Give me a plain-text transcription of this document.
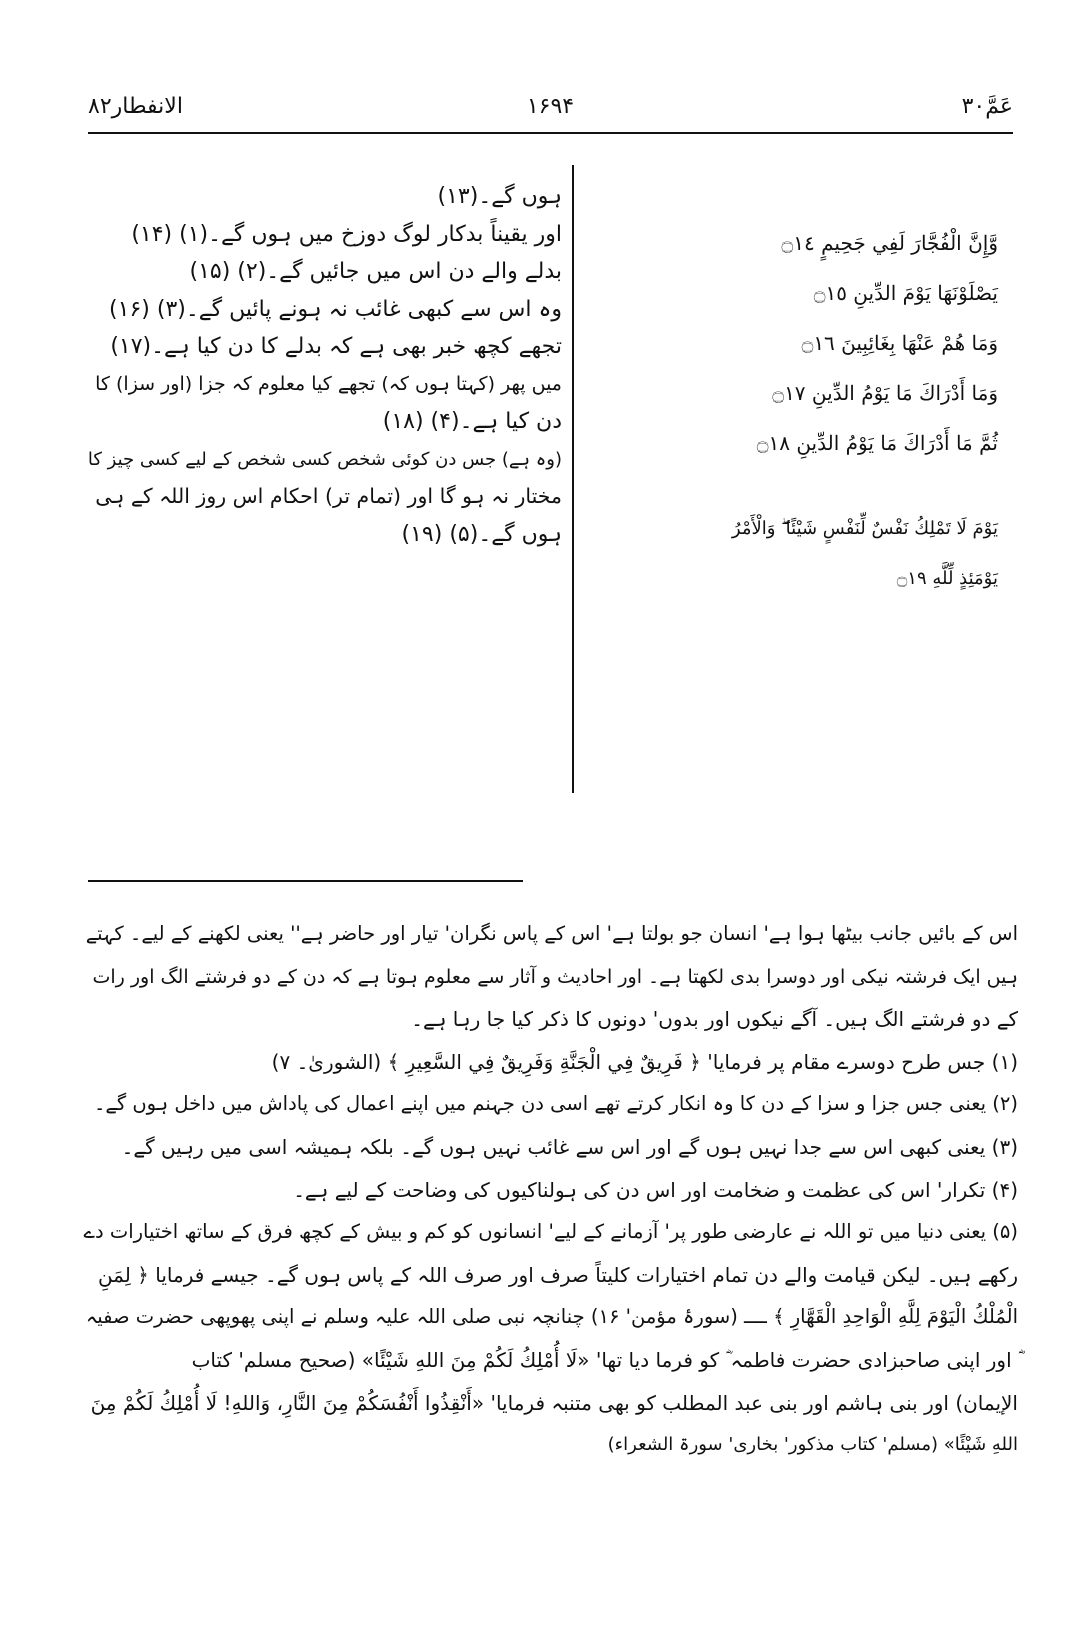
الانفطار۸۲	۱۶۹۴	عَمَّ۳۰
ہوں گے۔(۱۳)
اور یقیناً بدکار لوگ دوزخ میں ہوں گے۔(۱) (۱۴)
بدلے والے دن اس میں جائیں گے۔(۲) (۱۵)
وہ اس سے کبھی غائب نہ ہونے پائیں گے۔(۳) (۱۶)
تجھے کچھ خبر بھی ہے کہ بدلے کا دن کیا ہے۔(۱۷)
میں پھر (کہتا ہوں کہ) تجھے کیا معلوم کہ جزا (اور سزا) کا
دن کیا ہے۔(۴) (۱۸)
(وہ ہے) جس دن کوئی شخص کسی شخص کے لیے کسی چیز کا
مختار نہ ہو گا اور (تمام تر) احکام اس روز اللہ کے ہی
ہوں گے۔(۵) (۱۹)
وَّإِنَّ الْفُجَّارَ لَفِي جَحِيمٍ ۝١٤
يَصْلَوْنَهَا يَوْمَ الدِّينِ ۝١٥
وَمَا هُمْ عَنْهَا بِغَائِبِينَ ۝١٦
وَمَا أَدْرَاكَ مَا يَوْمُ الدِّينِ ۝١٧
ثُمَّ مَا أَدْرَاكَ مَا يَوْمُ الدِّينِ ۝١٨
يَوْمَ لَا تَمْلِكُ نَفْسٌ لِّنَفْسٍ شَيْئًا ۖ وَالْأَمْرُ
يَوْمَئِذٍ لِّلَّهِ ۝١٩
اس کے بائیں جانب بیٹھا ہوا ہے' انسان جو بولتا ہے' اس کے پاس نگران' تیار اور حاضر ہے'' یعنی لکھنے کے لیے۔ کہتے
ہیں ایک فرشتہ نیکی اور دوسرا بدی لکھتا ہے۔ اور احادیث و آثار سے معلوم ہوتا ہے کہ دن کے دو فرشتے الگ اور رات
کے دو فرشتے الگ ہیں۔ آگے نیکوں اور بدوں' دونوں کا ذکر کیا جا رہا ہے۔
(۱) جس طرح دوسرے مقام پر فرمایا' ﴿ فَرِيقٌ فِي الْجَنَّةِ وَفَرِيقٌ فِي السَّعِيرِ ﴾ (الشوریٰ۔ ۷)
(۲) یعنی جس جزا و سزا کے دن کا وہ انکار کرتے تھے اسی دن جہنم میں اپنے اعمال کی پاداش میں داخل ہوں گے۔
(۳) یعنی کبھی اس سے جدا نہیں ہوں گے اور اس سے غائب نہیں ہوں گے۔ بلکہ ہمیشہ اسی میں رہیں گے۔
(۴) تکرار' اس کی عظمت و ضخامت اور اس دن کی ہولناکیوں کی وضاحت کے لیے ہے۔
(۵) یعنی دنیا میں تو اللہ نے عارضی طور پر' آزمانے کے لیے' انسانوں کو کم و بیش کے کچھ فرق کے ساتھ اختیارات دے
رکھے ہیں۔ لیکن قیامت والے دن تمام اختیارات کلیتاً صرف اور صرف اللہ کے پاس ہوں گے۔ جیسے فرمایا ﴿ لِمَنِ
الْمُلْكُ الْيَوْمَ لِلَّهِ الْوَاحِدِ الْقَهَّارِ ﴾ ــــ (سورۂ مؤمن' ۱۶) چنانچہ نبی صلی اللہ علیہ وسلم نے اپنی پھوپھی حضرت صفیہ
ؓ اور اپنی صاحبزادی حضرت فاطمہ ؓ کو فرما دیا تھا' «لَا أُمْلِكُ لَكُمْ مِنَ اللهِ شَيْئًا» (صحیح مسلم' کتاب
الإیمان) اور بنی ہاشم اور بنی عبد المطلب کو بھی متنبہ فرمایا' «أَنْقِذُوا أَنْفُسَكُمْ مِنَ النَّارِ، وَاللهِ! لَا أُمْلِكُ لَكُمْ مِنَ
اللهِ شَيْئًا» (مسلم' کتاب مذکور' بخاری' سورۃ الشعراء)
